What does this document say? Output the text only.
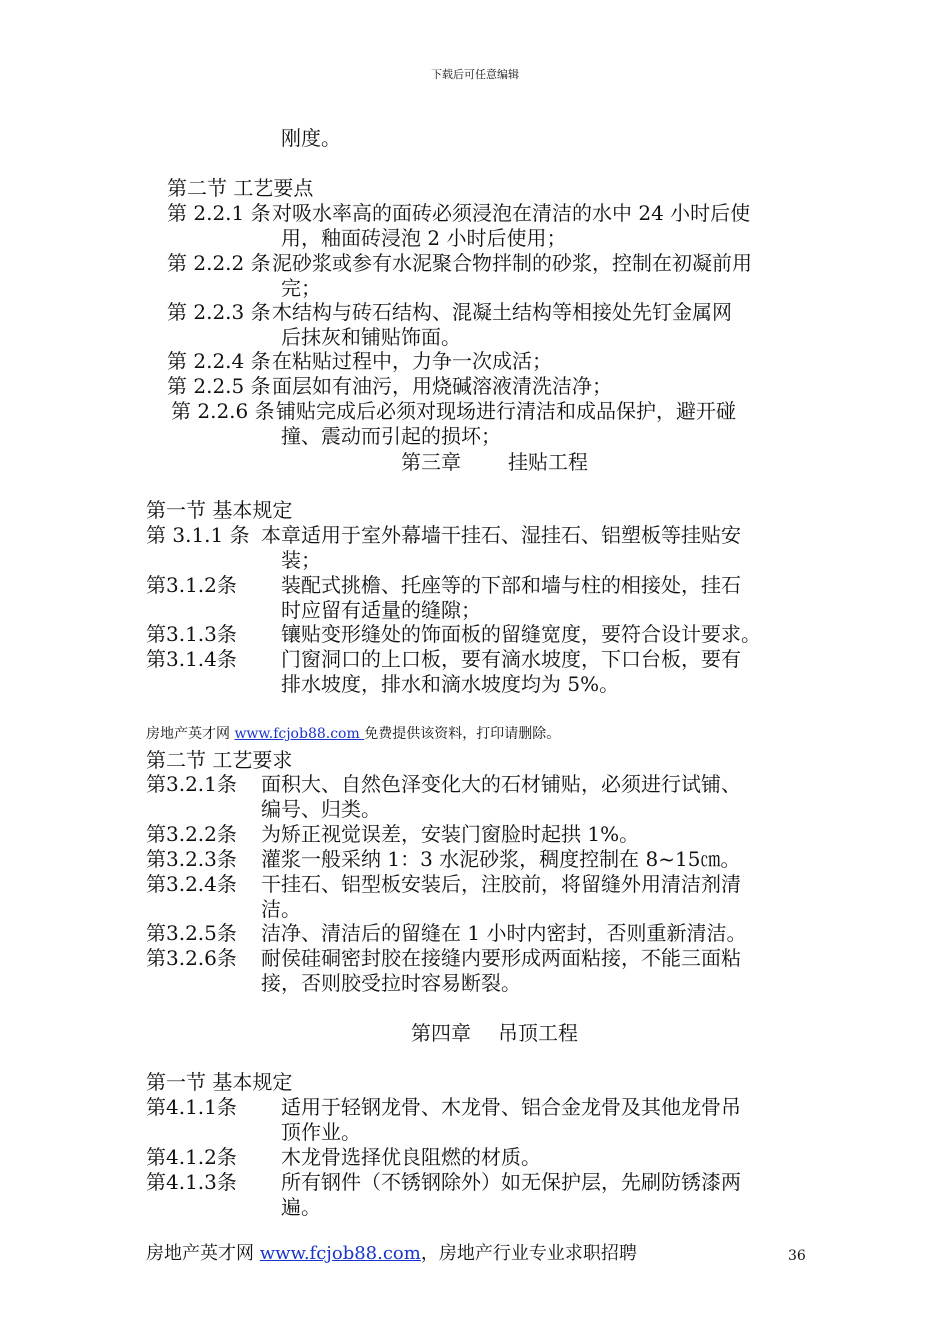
下载后可任意编辑
刚度。
第二节 工艺要点
第 2.2.1 条 对吸水率高的面砖必须浸泡在清洁的水中 24 小时后使
用，釉面砖浸泡 2 小时后使用；
第 2.2.2 条 泥砂浆或参有水泥聚合物拌制的砂浆，控制在初凝前用
完；
第 2.2.3 条 木结构与砖石结构、混凝土结构等相接处先钉金属网
后抹灰和铺贴饰面。
第 2.2.4 条 在粘贴过程中，力争一次成活；
第 2.2.5 条 面层如有油污，用烧碱溶液清洗洁净；
第 2.2.6 条 铺贴完成后必须对现场进行清洁和成品保护，避开碰
撞、震动而引起的损坏；
第三章 挂贴工程
第一节 基本规定
第 3.1.1 条 本章适用于室外幕墙干挂石、湿挂石、铝塑板等挂贴安
装；
第3.1.2条 装配式挑檐、托座等的下部和墙与柱的相接处，挂石
时应留有适量的缝隙；
第3.1.3条 镶贴变形缝处的饰面板的留缝宽度，要符合设计要求。
第3.1.4条 门窗洞口的上口板，要有滴水坡度，下口台板，要有
排水坡度，排水和滴水坡度均为 5%。
房地产英才网 www.fcjob88.com 免费提供该资料，打印请删除。
第二节 工艺要求
第3.2.1条 面积大、自然色泽变化大的石材铺贴，必须进行试铺、
编号、归类。
第3.2.2条 为矫正视觉误差，安装门窗脸时起拱 1%。
第3.2.3条 灌浆一般采纳 1：3 水泥砂浆，稠度控制在 8~15㎝。
第3.2.4条 干挂石、铝型板安装后，注胶前，将留缝外用清洁剂清
洁。
第3.2.5条 洁净、清洁后的留缝在 1 小时内密封，否则重新清洁。
第3.2.6条 耐侯硅硐密封胶在接缝内要形成两面粘接，不能三面粘
接，否则胶受拉时容易断裂。
第四章 吊顶工程
第一节 基本规定
第4.1.1条 适用于轻钢龙骨、木龙骨、铝合金龙骨及其他龙骨吊
顶作业。
第4.1.2条 木龙骨选择优良阻燃的材质。
第4.1.3条 所有钢件（不锈钢除外）如无保护层，先刷防锈漆两
遍。
房地产英才网 www.fcjob88.com，房地产行业专业求职招聘	36
